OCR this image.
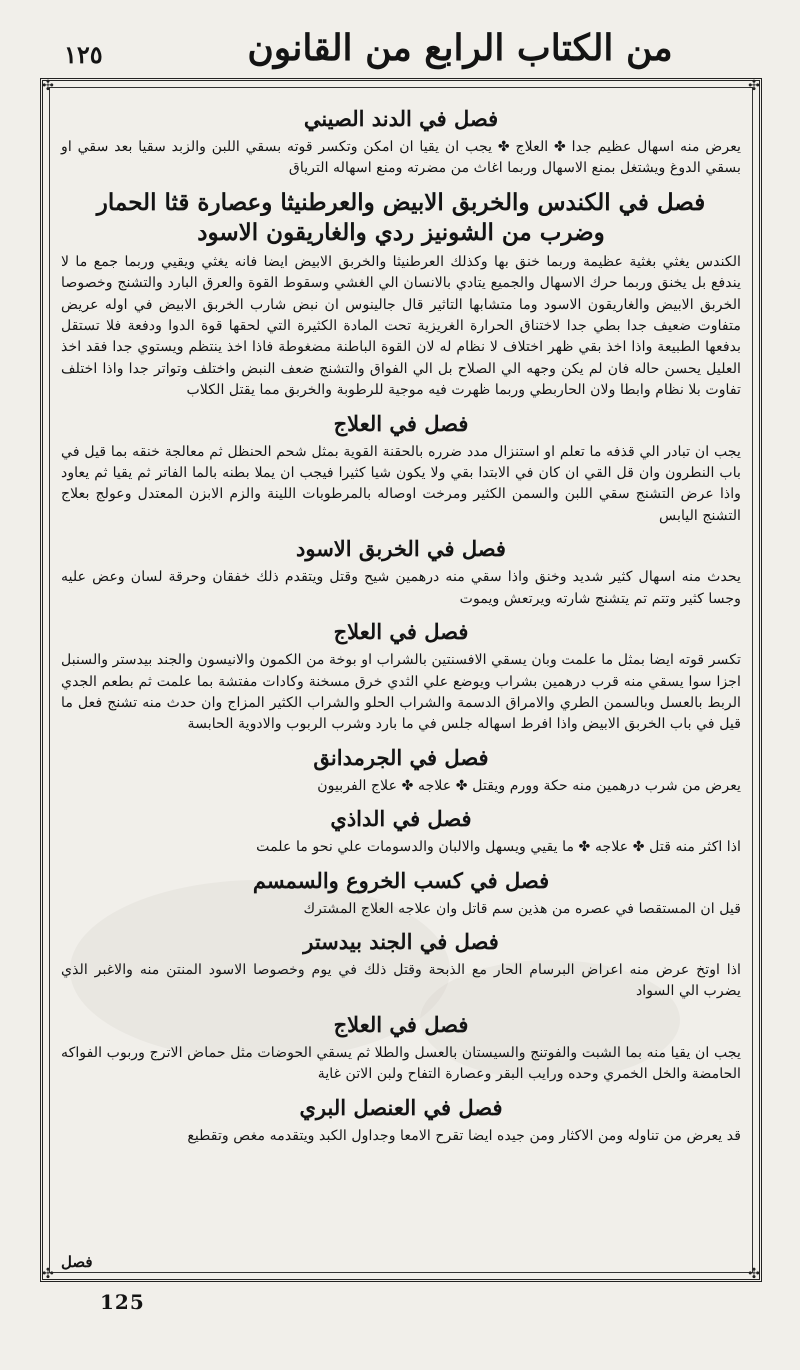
١٢٥	من الكتاب الرابع من القانون
✣	✣
✣	✣
فصل في الدند الصيني
يعرض منه اسهال عظيم جدا ✤ العلاج ✤ يجب ان يقيا ان امكن وتكسر قوته بسقي اللبن والزبد سقيا بعد سقي او بسقي الدوغ ويشتغل بمنع الاسهال وربما اغاث من مضرته ومنع اسهاله الترياق
فصل في الكندس والخربق الابيض والعرطنيثا وعصارة قثا الحمار وضرب من الشونيز ردي والغاريقون الاسود
الكندس يغثي بغثية عظيمة وربما خنق بها وكذلك العرطنيثا والخربق الابيض ايضا فانه يغثي ويقيي وربما جمع ما لا يندفع بل يخنق وربما حرك الاسهال والجميع يتادي بالانسان الي الغشي وسقوط القوة والعرق البارد والتشنج وخصوصا الخربق الابيض والغاريقون الاسود وما متشابها التاثير قال جالينوس ان نبض شارب الخربق الابيض في اوله عريض متفاوت ضعيف جدا بطي جدا لاختناق الحرارة الغريزية تحت المادة الكثيرة التي لحقها قوة الدوا ودفعة فلا تستقل بدفعها الطبيعة واذا اخذ بقي ظهر اختلاف لا نظام له لان القوة الباطنة مضغوطة فاذا اخذ ينتظم ويستوي جدا فقد اخذ العليل يحسن حاله فان لم يكن وجهه الي الصلاح بل الي الفواق والتشنج ضعف النبض واختلف وتواتر جدا واذا اختلف تفاوت بلا نظام وابطا ولان الحاربطي وربما ظهرت فيه موجية للرطوبة والخربق مما يقتل الكلاب
فصل في العلاج
يجب ان تبادر الي قذفه ما تعلم او استنزال مدد ضرره بالحقنة القوية بمثل شحم الحنظل ثم معالجة خنقه بما قيل في باب النطرون وان قل القي ان كان في الابتدا بقي ولا يكون شيا كثيرا فيجب ان يملا بطنه بالما الفاتر ثم يقيا ثم يعاود واذا عرض التشنج سقي اللبن والسمن الكثير ومرخت اوصاله بالمرطوبات اللينة والزم الابزن المعتدل وعولج بعلاج التشنج اليابس
فصل في الخربق الاسود
يحدث منه اسهال كثير شديد وخنق واذا سقي منه درهمين شيح وقتل ويتقدم ذلك خفقان وحرقة لسان وعض عليه وجسا كثير وتتم تم يتشنج شارته ويرتعش ويموت
فصل في العلاج
تكسر قوته ايضا بمثل ما علمت وبان يسقي الافسنتين بالشراب او بوخة من الكمون والانيسون والجند بيدستر والسنبل اجزا سوا يسقي منه قرب درهمين بشراب ويوضع علي الثدي خرق مسخنة وكادات مفتشة بما علمت ثم بطعم الجدي الربط بالعسل وبالسمن الطري والامراق الدسمة والشراب الحلو والشراب الكثير المزاج وان حدث منه تشنج فعل ما قيل في باب الخربق الابيض واذا افرط اسهاله جلس في ما بارد وشرب الربوب والادوية الحابسة
فصل في الجرمدانق
يعرض من شرب درهمين منه حكة وورم ويقتل ✤ علاجه ✤ علاج الفربيون
فصل في الداذي
اذا اكثر منه قتل ✤ علاجه ✤ ما يقيي ويسهل والالبان والدسومات علي نحو ما علمت
فصل في كسب الخروع والسمسم
قيل ان المستقصا في عصره من هذين سم قاتل وان علاجه العلاج المشترك
فصل في الجند بيدستر
اذا اوتخ عرض منه اعراض البرسام الحار مع الذبحة وقتل ذلك في يوم وخصوصا الاسود المنتن منه والاغبر الذي يضرب الي السواد
فصل في العلاج
يجب ان يقيا منه بما الشبت والفوتنج والسيستان بالعسل والطلا ثم يسقي الحوضات مثل حماض الاترج وربوب الفواكه الحامضة والخل الخمري وحده ورايب البقر وعصارة التفاح ولبن الاتن غاية
فصل في العنصل البري
قد يعرض من تناوله ومن الاكثار ومن جيده ايضا تقرح الامعا وجداول الكبد ويتقدمه مغص وتقطيع
فصل
125
